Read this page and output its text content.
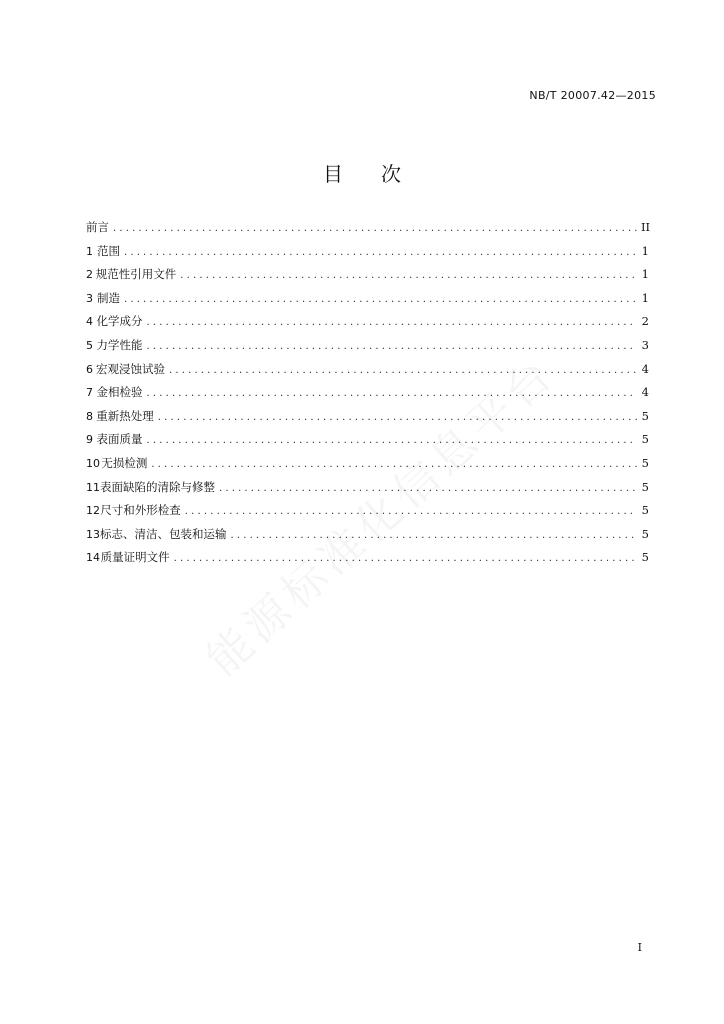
NB/T 20007.42—2015
目 次
前言 . . .	II
1 范围 . . .	1
2 规范性引用文件 . . .	1
3 制造 . . .	1
4 化学成分 . . .	2
5 力学性能 . . .	3
6 宏观浸蚀试验 . . .	4
7 金相检验 . . .	4
8 重新热处理 . . .	5
9 表面质量 . . .	5
10 无损检测 . . .	5
11 表面缺陷的清除与修整 . . .	5
12 尺寸和外形检查 . . .	5
13 标志、清洁、包装和运输 . . .	5
14 质量证明文件 . . .	5
I
